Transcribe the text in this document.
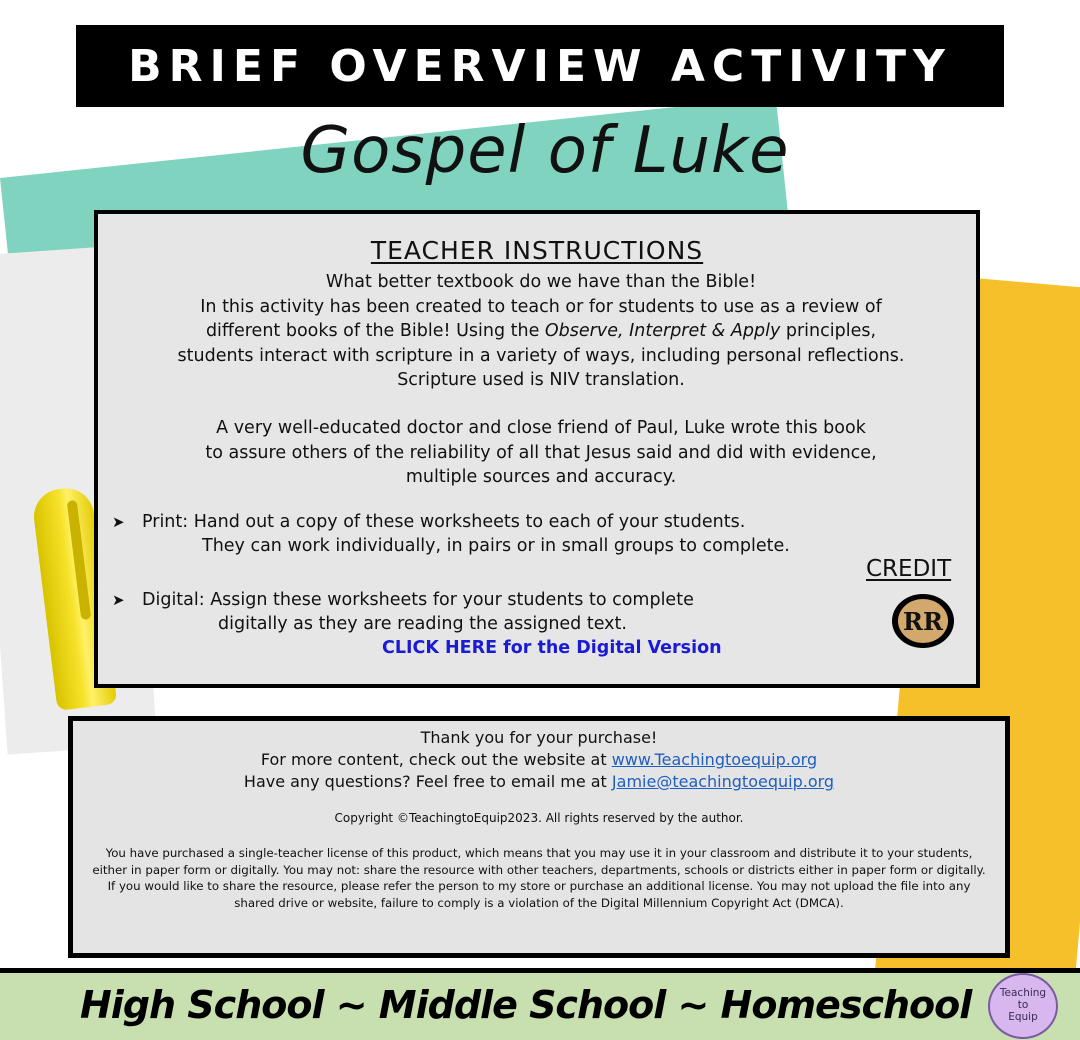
BRIEF OVERVIEW ACTIVITY
Gospel of Luke
TEACHER INSTRUCTIONS
What better textbook do we have than the Bible!
In this activity has been created to teach or for students to use as a review of
different books of the Bible! Using the Observe, Interpret & Apply principles,
students interact with scripture in a variety of ways, including personal reflections.
Scripture used is NIV translation.
A very well-educated doctor and close friend of Paul, Luke wrote this book
to assure others of the reliability of all that Jesus said and did with evidence,
multiple sources and accuracy.
➤ Print: Hand out a copy of these worksheets to each of your students.
They can work individually, in pairs or in small groups to complete.
➤ Digital: Assign these worksheets for your students to complete
digitally as they are reading the assigned text.
CLICK HERE for the Digital Version
CREDIT
RR
Thank you for your purchase!
For more content, check out the website at www.Teachingtoequip.org
Have any questions? Feel free to email me at Jamie@teachingtoequip.org
Copyright ©TeachingtoEquip2023. All rights reserved by the author.
You have purchased a single-teacher license of this product, which means that you may use it in your classroom and distribute it to your students, either in paper form or digitally. You may not: share the resource with other teachers, departments, schools or districts either in paper form or digitally. If you would like to share the resource, please refer the person to my store or purchase an additional license. You may not upload the file into any shared drive or website, failure to comply is a violation of the Digital Millennium Copyright Act (DMCA).
High School ~ Middle School ~ Homeschool	Teaching
to
Equip
